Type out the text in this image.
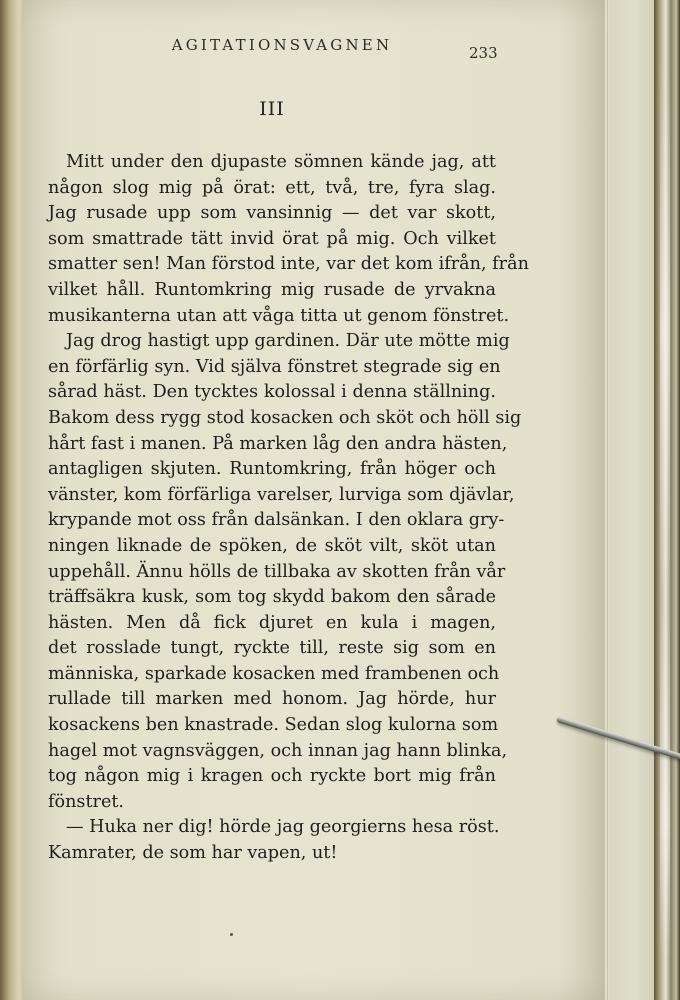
AGITATIONSVAGNEN	233
III
Mitt under den djupaste sömnen kände jag, att
någon slog mig på örat: ett, två, tre, fyra slag.
Jag rusade upp som vansinnig — det var skott,
som smattrade tätt invid örat på mig. Och vilket
smatter sen! Man förstod inte, var det kom ifrån, från
vilket håll. Runtomkring mig rusade de yrvakna
musikanterna utan att våga titta ut genom fönstret.
Jag drog hastigt upp gardinen. Där ute mötte mig
en förfärlig syn. Vid själva fönstret stegrade sig en
sårad häst. Den tycktes kolossal i denna ställning.
Bakom dess rygg stod kosacken och sköt och höll sig
hårt fast i manen. På marken låg den andra hästen,
antagligen skjuten. Runtomkring, från höger och
vänster, kom förfärliga varelser, lurviga som djävlar,
krypande mot oss från dalsänkan. I den oklara gry-
ningen liknade de spöken, de sköt vilt, sköt utan
uppehåll. Ännu hölls de tillbaka av skotten från vår
träffsäkra kusk, som tog skydd bakom den sårade
hästen. Men då fick djuret en kula i magen,
det rosslade tungt, ryckte till, reste sig som en
människa, sparkade kosacken med frambenen och
rullade till marken med honom. Jag hörde, hur
kosackens ben knastrade. Sedan slog kulorna som
hagel mot vagnsväggen, och innan jag hann blinka,
tog någon mig i kragen och ryckte bort mig från
fönstret.
— Huka ner dig! hörde jag georgierns hesa röst.
Kamrater, de som har vapen, ut!
